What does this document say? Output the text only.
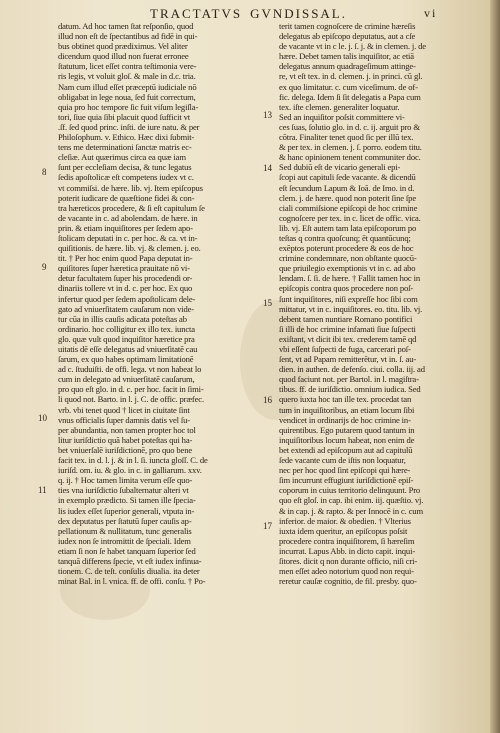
TRACTATVS GVNDISSAL.	vi
datum. Ad hoc tamen ſtat reſponſio, quod
illud non eſt de ſpectantibus ad fidē in qui-
bus obtinet quod prædiximus. Vel aliter
dicendum quod illud non fuerat erronee
ſtatutum, licet eſſet contra teſtimonia vere-
ris legis, vt voluit gloſ. & male in d.c. tria.
Nam cum illud eſſet præceptū iudiciale nō
obligabat in lege noua, ſed fuit correctum,
quia pro hoc tempore ſic fuit viſum legiſla-
tori, ſiue quia ſibi placuit quod ſufficit vt
.ſf. ſed quod princ. inſti. de iure natu. & per
Philoſophum. v. Ethico. Hæc dixi ſubmit-
tens me determinationi ſanctæ matris ec-
cleſiæ. Aut quærimus circa ea quæ iam
ſunt per eccleſiam decisa, & tunc legatus
ſedis apoſtolicæ eſt competens iudex vt c.
vt commiſsi. de hære. lib. vj. Item epiſcopus
poterit iudicare de quæſtione fidei & con-
tra hæreticos procedere, & ſi eſt capitulum ſe
de vacante in c. ad abolendam. de hære. in
prin. & etiam inquiſitores per ſedem apo-
ſtolicam deputati in c. per hoc. & ca. vt in-
quiſitionis. de hære. lib. vj. & clemen. j. eo.
tit. † Per hoc enim quod Papa deputat in-
quiſitores ſuper hæretica prauitate nō vi-
detur facultatem ſuper his procedendi or-
dinariis tollere vt in d. c. per hoc. Ex quo
infertur quod per ſedem apoſtolicam dele-
gato ad vniuerſitatem cauſarum non vide-
tur cũa in illis cauſis adicata poteſtas ab
ordinario. hoc colligitur ex illo tex. iuncta
glo. quæ vult quod inquiſitor hæretice pra
uitatis dē eſſe delegatus ad vniuerſitatē cau
ſarum, ex quo habes optimam limitationē
ad c. ſtuduiſti. de offi. lega. vt non habeat lo
cum in delegato ad vniuerſitatē cauſarum,
pro quo eſt glo. in d. c. per hoc. facit in ſimi-
li quod not. Barto. in l. j. C. de offic. præfec.
vrb. vbi tenet quod † licet in ciuitate ſint
vnus officialis ſuper damnis datis vel ſu-
per abundantia, non tamen propter hoc tol
litur iuriſdictio quã habet poteſtas qui ha-
bet vniuerſalē iuriſdictionē, pro quo bene
facit tex. in d. l. j. & in l. ſi. iuncta gloſſ. C. de
iuriſd. om. iu. & glo. in c. in galliarum. xxv.
q. ij. † Hoc tamen limita verum eſſe quo-
ties vna iuriſdictio ſubalternatur alteri vt
in exemplo prædicto. Si tamen ille ſpecia-
lis iudex eſſet ſuperior generali, vtputa in-
dex deputatus per ſtatutū ſuper cauſis ap-
pellationum & nullitatum, tunc generalis
iudex non ſe intromittit de ſpeciali. Idem
etiam ſi non ſe habet tanquam ſuperior ſed
tanquā differens ſpecie, vt eſt iudex infinua-
tionem. C. de teſt. conſulis diualia. ita deter
minat Bal. in l. vnica. ff. de offi. conſu. † Po-
terit tamen cognoſcere de crimine hæreſis
delegatus ab epiſcopo deputatus, aut a cſe
de vacante vt in c le. j. ſ. j. & in clemen. j. de
hære. Debet tamen talis inquiſitor, ac etiā
delegatus annum quadrageſimum attinge-
re, vt eſt tex. in d. clemen. j. in princi. cū gl.
ex quo limitatur. c. cum viceſimum. de of-
fic. delega. Idem ſi ſit delegatis a Papa cum
tex. iſte clemen. generaliter loquatur.
Sed an inquiſitor poſsit committere vi-
ces ſuas, ſolutio glo. in d. c. ij. arguit pro &
cōtra. Finaliter tenet quod ſic per illū tex.
& per tex. in clemen. j. ſ. porro. eodem titu.
& hanc opinionem tenent communiter doc.
Sed dubiū eſt de vicario generali epi-
ſcopi aut capituli ſede vacante. & dicendū
eſt ſecundum Lapum & Ioā. de Imo. in d.
clem. j. de hære. quod non poterit ſine ſpe
ciali commiſsione epiſcopi de hoc crimine
cognoſcere per tex. in c. licet de offic. vica.
lib. vj. Eſt autem tam lata epiſcoporum po
teſtas q contra quoſcunq; ēt quantūcunq;
exēptos poterunt procedere & eos de hoc
crimine condemnare, non obſtante quocū-
que priuilegio exemptionis vt in c. ad abo
lendam. ſ. ſi. de hære. † Fallit tamen hoc in
epiſcopis contra quos procedere non poſ-
ſunt inquiſitores, niſi expreſſe hoc ſibi com
mittatur, vt in c. inquiſitores. eo. titu. lib. vj.
debent tamen nuntiare Romano pontifici
ſi illi de hoc crimine infamati ſiue ſuſpecti
exiſtant, vt dicit ibi tex. crederem tamē qd
vbi eſſent ſuſpecti de fuga, carcerari poſ-
ſent, vt ad Papam remitterētur, vt in. ſ. au-
dien. in authen. de defenſo. ciui. colla. iij. ad
quod faciunt not. per Bartol. in l. magiſtra-
tibus. ff. de iuriſdictio. omnium iudica. Sed
quero iuxta hoc tan ille tex. procedat tan
tum in inquiſitoribus, an etiam locum ſibi
vendicet in ordinarijs de hoc crimine in-
quirentibus. Ego putarem quod tantum in
inquiſitoribus locum habeat, non enim de
bet extendi ad epiſcopum aut ad capitulū
ſede vacante cum de iſtis non loquatur,
nec per hoc quod ſint epiſcopi qui hære-
ſim incurrunt effugiunt iuriſdictionē epiſ-
coporum in cuius territorio delinquunt. Pro
quo eſt gloſ. in cap. ibi enim. iij. quæſtio. vj.
& in cap. j. & rapto. & per Innocē in c. cum
inferior. de maior. & obedien. † Vlterius
iuxta idem queritur, an epiſcopus poſsit
procedere contra inquiſitorem, ſi hæreſim
incurrat. Lapus Abb. in dicto capit. inqui-
ſitores. dicit q non durante officio, niſi cri-
men eſſet adeo notorium quod non requi-
reretur cauſæ cognitio, de fil. presby. quo-
8
9
10
11
13
14
15
16
17
